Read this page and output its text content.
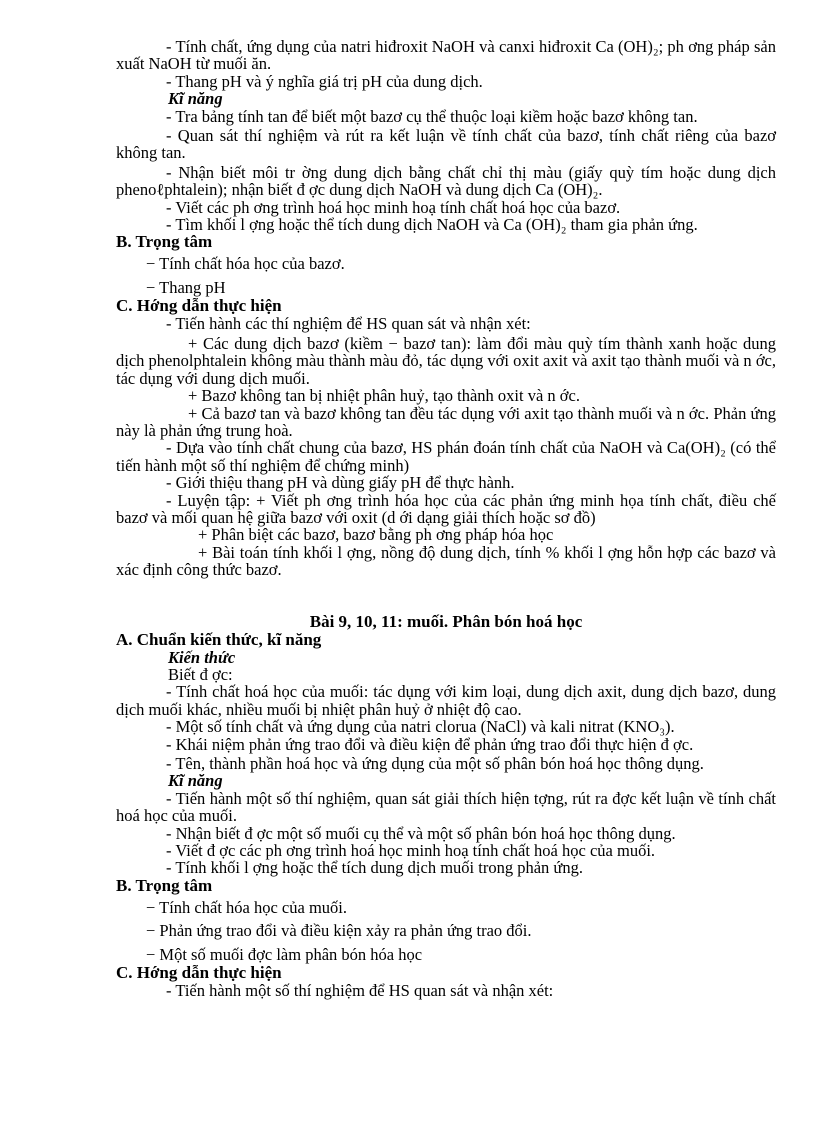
- Tính chất, ứng dụng của natri hiđroxit NaOH và canxi hiđroxit Ca (OH)₂; ph ơng pháp sản xuất NaOH từ muối ăn.

- Thang pH và ý nghĩa giá trị pH của dung dịch.

Kĩ năng

- Tra bảng tính tan để biết một bazơ cụ thể thuộc loại kiềm hoặc bazơ không tan.

- Quan sát thí nghiệm và rút ra kết luận về tính chất của bazơ, tính chất riêng của bazơ không tan.

- Nhận biết môi tr ờng dung dịch bằng chất chỉ thị màu (giấy quỳ tím hoặc dung dịch phenoℓphtalein); nhận biết đ ợc dung dịch NaOH và dung dịch Ca (OH)₂.

- Viết các ph ơng trình hoá học minh hoạ tính chất hoá học của bazơ.

- Tìm khối l ợng hoặc thể tích dung dịch NaOH và Ca (OH)₂ tham gia phản ứng.

B. Trọng tâm

− Tính chất hóa học của bazơ.

− Thang pH

C. Hớng dẫn thực hiện

- Tiến hành các thí nghiệm để HS quan sát và nhận xét:

+ Các dung dịch bazơ (kiềm − bazơ tan): làm đổi màu quỳ tím thành xanh hoặc dung dịch phenolphtalein không màu thành màu đỏ, tác dụng với oxit axit và axit tạo thành muối và n ớc, tác dụng với dung dịch muối.

+ Bazơ không tan bị nhiệt phân huỷ, tạo thành oxit và n ớc.

+ Cả bazơ tan và bazơ không tan đều tác dụng với axit tạo thành muối và n ớc. Phản ứng này là phản ứng trung hoà.

- Dựa vào tính chất chung của bazơ, HS phán đoán tính chất của NaOH và Ca(OH)₂ (có thể tiến hành một số thí nghiệm để chứng minh)

- Giới thiệu thang pH và dùng giấy pH để thực hành.

- Luyện tập: + Viết ph ơng trình hóa học của các phản ứng minh họa tính chất, điều chế bazơ và mối quan hệ giữa bazơ với oxit (d ới dạng giải thích hoặc sơ đồ)

+ Phân biệt các bazơ, bazơ bằng ph ơng pháp hóa học

+ Bài toán tính khối l ợng, nồng độ dung dịch, tính % khối l ợng hỗn hợp các bazơ và xác định công thức bazơ.

Bài 9, 10, 11: muối. Phân bón hoá học

A. Chuẩn kiến thức, kĩ năng

Kiến thức

Biết đ ợc:

- Tính chất hoá học của muối: tác dụng với kim loại, dung dịch axit, dung dịch bazơ, dung dịch muối khác, nhiều muối bị nhiệt phân huỷ ở nhiệt độ cao.

- Một số tính chất và ứng dụng của natri clorua (NaCl) và kali nitrat (KNO₃).

- Khái niệm phản ứng trao đổi và điều kiện để phản ứng trao đổi thực hiện đ ợc.

- Tên, thành phần hoá học và ứng dụng của một số phân bón hoá học thông dụng.

Kĩ năng

- Tiến hành một số thí nghiệm, quan sát giải thích hiện tợng, rút ra đợc kết luận về tính chất hoá học của muối.

- Nhận biết đ ợc một số muối cụ thể và một số phân bón hoá học thông dụng.

- Viết đ ợc các ph ơng trình hoá học minh hoạ tính chất hoá học của muối.

- Tính khối l ợng hoặc thể tích dung dịch muối trong phản ứng.

B. Trọng tâm

− Tính chất hóa học của muối.

− Phản ứng trao đổi và điều kiện xảy ra phản ứng trao đổi.

− Một số muối đợc làm phân bón hóa học

C. Hớng dẫn thực hiện

- Tiến hành một số thí nghiệm để HS quan sát và nhận xét:
